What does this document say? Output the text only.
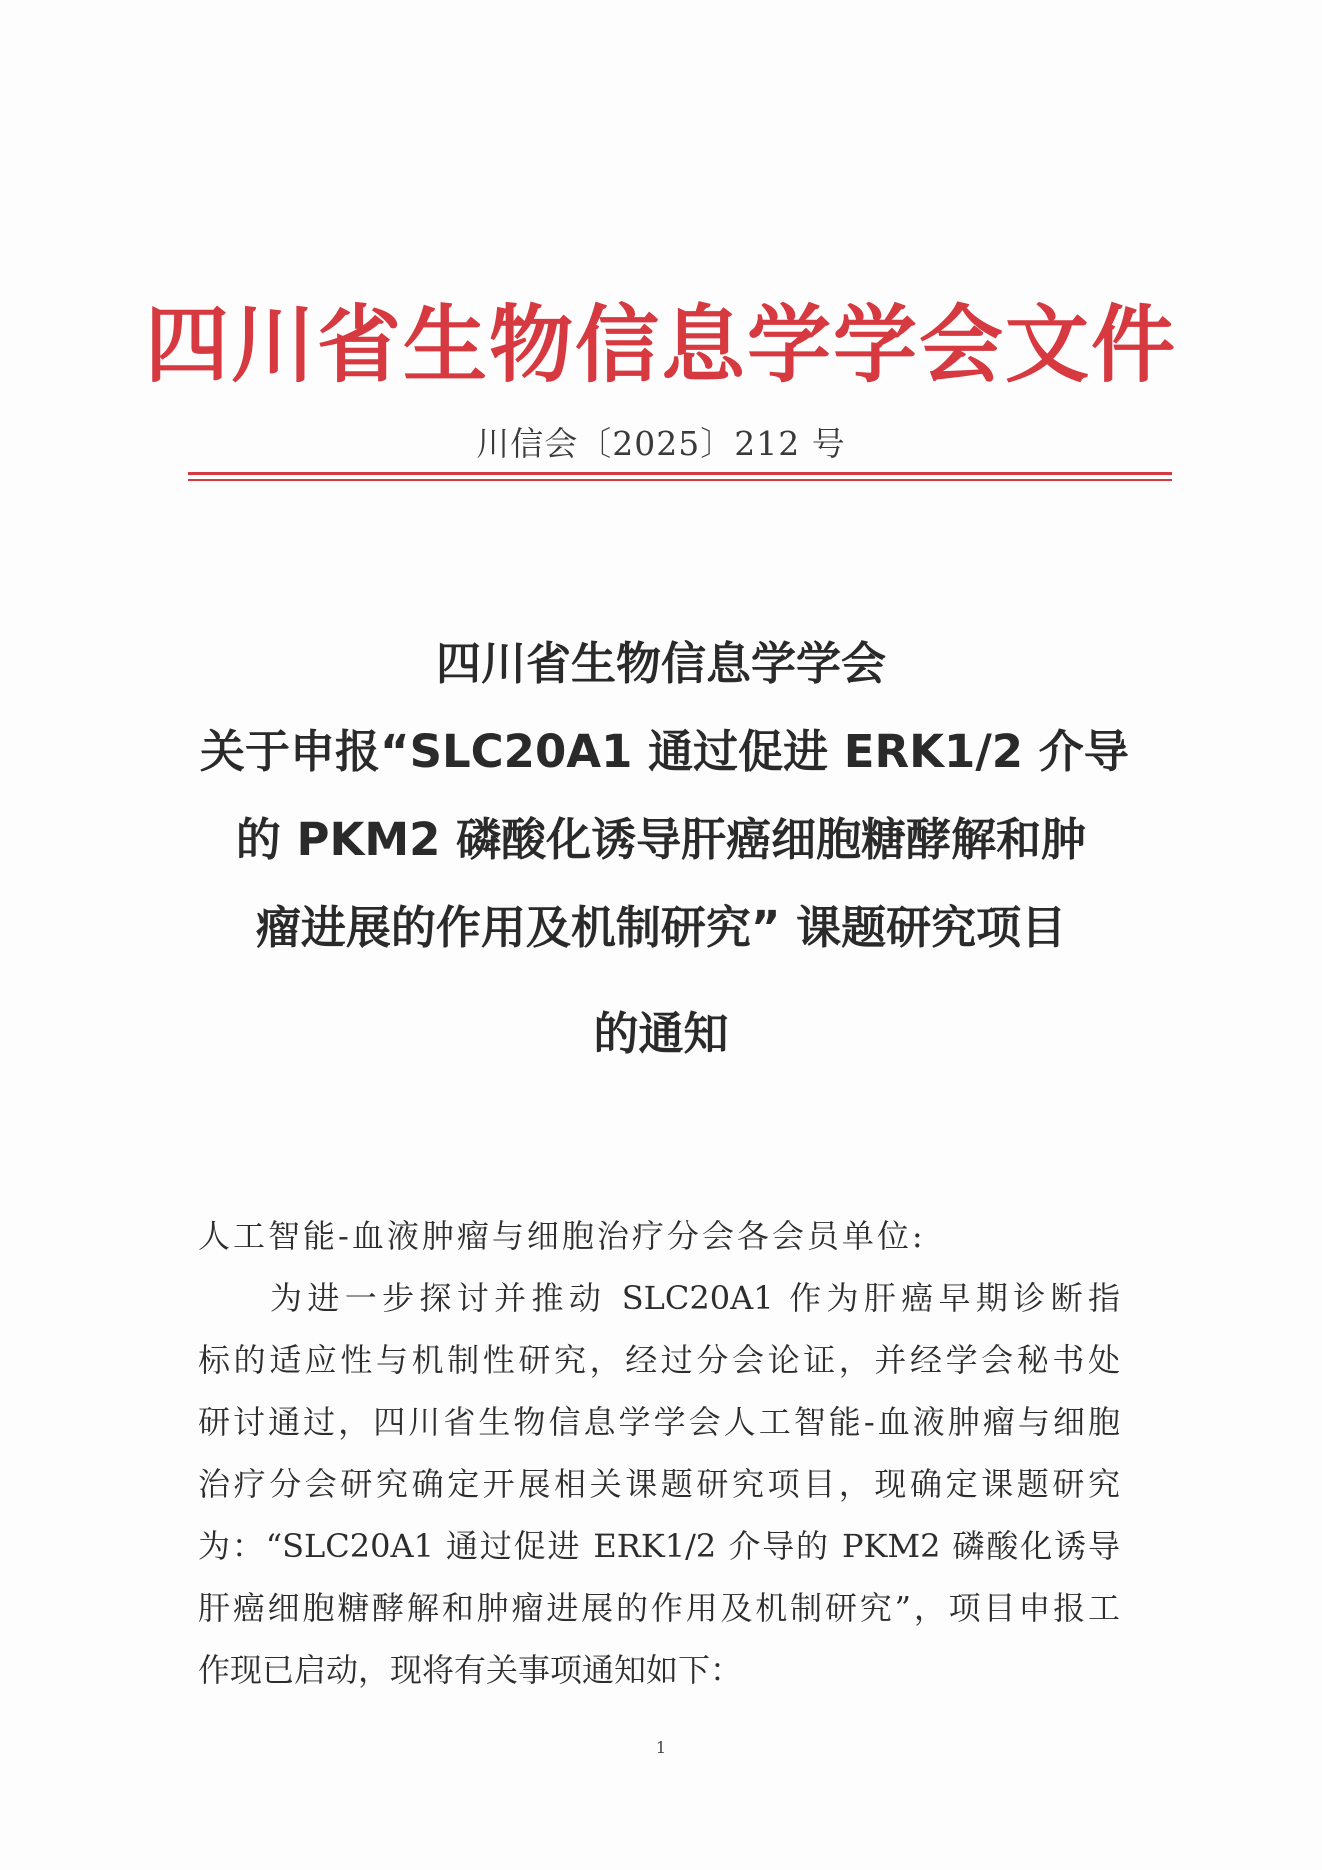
四川省生物信息学学会文件
川信会〔2025〕212 号
四川省生物信息学学会
关于申报“SLC20A1 通过促进 ERK1/2 介导
的 PKM2 磷酸化诱导肝癌细胞糖酵解和肿
瘤进展的作用及机制研究” 课题研究项目
的通知
人工智能-血液肿瘤与细胞治疗分会各会员单位:
为进一步探讨并推动 SLC20A1 作为肝癌早期诊断指
标的适应性与机制性研究，经过分会论证，并经学会秘书处
研讨通过，四川省生物信息学学会人工智能-血液肿瘤与细胞
治疗分会研究确定开展相关课题研究项目，现确定课题研究
为：“SLC20A1 通过促进 ERK1/2 介导的 PKM2 磷酸化诱导
肝癌细胞糖酵解和肿瘤进展的作用及机制研究”，项目申报工
作现已启动，现将有关事项通知如下：
1
